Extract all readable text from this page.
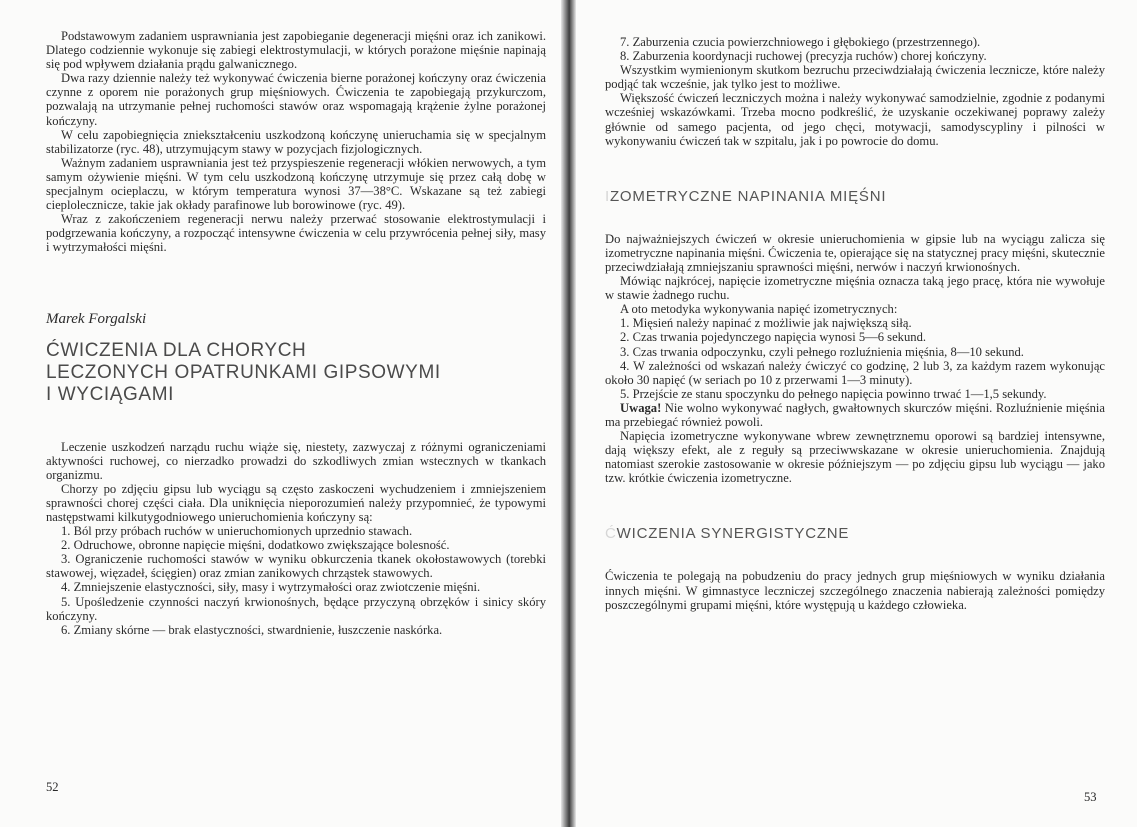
Podstawowym zadaniem usprawniania jest zapobieganie degeneracji mięśni oraz ich zanikowi. Dlatego codziennie wykonuje się zabiegi elektrostymulacji, w których porażone mięśnie napinają się pod wpływem działania prądu galwanicznego.

Dwa razy dziennie należy też wykonywać ćwiczenia bierne porażonej kończyny oraz ćwiczenia czynne z oporem nie porażonych grup mięśniowych. Ćwiczenia te zapobiegają przykurczom, pozwalają na utrzymanie pełnej ruchomości stawów oraz wspomagają krążenie żylne porażonej kończyny.

W celu zapobiegnięcia zniekształceniu uszkodzoną kończynę unieruchamia się w specjalnym stabilizatorze (ryc. 48), utrzymującym stawy w pozycjach fizjologicznych.

Ważnym zadaniem usprawniania jest też przyspieszenie regeneracji włókien nerwowych, a tym samym ożywienie mięśni. W tym celu uszkodzoną kończynę utrzymuje się przez całą dobę w specjalnym ocieplaczu, w którym temperatura wynosi 37—38°C. Wskazane są też zabiegi cieplolecznicze, takie jak okłady parafinowe lub borowinowe (ryc. 49).

Wraz z zakończeniem regeneracji nerwu należy przerwać stosowanie elektrostymulacji i podgrzewania kończyny, a rozpocząć intensywne ćwiczenia w celu przywrócenia pełnej siły, masy i wytrzymałości mięśni.

Marek Forgalski
ĆWICZENIA DLA CHORYCH
LECZONYCH OPATRUNKAMI GIPSOWYMI
I WYCIĄGAMI

Leczenie uszkodzeń narządu ruchu wiąże się, niestety, zazwyczaj z różnymi ograniczeniami aktywności ruchowej, co nierzadko prowadzi do szkodliwych zmian wstecznych w tkankach organizmu.

Chorzy po zdjęciu gipsu lub wyciągu są często zaskoczeni wychudzeniem i zmniejszeniem sprawności chorej części ciała. Dla uniknięcia nieporozumień należy przypomnieć, że typowymi następstwami kilkutygodniowego unieruchomienia kończyny są:

1. Ból przy próbach ruchów w unieruchomionych uprzednio stawach.

2. Odruchowe, obronne napięcie mięśni, dodatkowo zwiększające bolesność.

3. Ograniczenie ruchomości stawów w wyniku obkurczenia tkanek okołostawowych (torebki stawowej, więzadeł, ścięgien) oraz zmian zanikowych chrząstek stawowych.

4. Zmniejszenie elastyczności, siły, masy i wytrzymałości oraz zwiotczenie mięśni.

5. Upośledzenie czynności naczyń krwionośnych, będące przyczyną obrzęków i sinicy skóry kończyny.

6. Zmiany skórne — brak elastyczności, stwardnienie, łuszczenie naskórka.

52

7. Zaburzenia czucia powierzchniowego i głębokiego (przestrzennego).

8. Zaburzenia koordynacji ruchowej (precyzja ruchów) chorej kończyny.

Wszystkim wymienionym skutkom bezruchu przeciwdziałają ćwiczenia lecznicze, które należy podjąć tak wcześnie, jak tylko jest to możliwe.

Większość ćwiczeń leczniczych można i należy wykonywać samodzielnie, zgodnie z podanymi wcześniej wskazówkami. Trzeba mocno podkreślić, że uzyskanie oczekiwanej poprawy zależy głównie od samego pacjenta, od jego chęci, motywacji, samodyscypliny i pilności w wykonywaniu ćwiczeń tak w szpitalu, jak i po powrocie do domu.

IZOMETRYCZNE NAPINANIA MIĘŚNI

Do najważniejszych ćwiczeń w okresie unieruchomienia w gipsie lub na wyciągu zalicza się izometryczne napinania mięśni. Ćwiczenia te, opierające się na statycznej pracy mięśni, skutecznie przeciwdziałają zmniejszaniu sprawności mięśni, nerwów i naczyń krwionośnych.

Mówiąc najkrócej, napięcie izometryczne mięśnia oznacza taką jego pracę, która nie wywołuje w stawie żadnego ruchu.

A oto metodyka wykonywania napięć izometrycznych:

1. Mięsień należy napinać z możliwie jak największą siłą.

2. Czas trwania pojedynczego napięcia wynosi 5—6 sekund.

3. Czas trwania odpoczynku, czyli pełnego rozluźnienia mięśnia, 8—10 sekund.

4. W zależności od wskazań należy ćwiczyć co godzinę, 2 lub 3, za każdym razem wykonując około 30 napięć (w seriach po 10 z przerwami 1—3 minuty).

5. Przejście ze stanu spoczynku do pełnego napięcia powinno trwać 1—1,5 sekundy.

Uwaga! Nie wolno wykonywać nagłych, gwałtownych skurczów mięśni. Rozluźnienie mięśnia ma przebiegać również powoli.

Napięcia izometryczne wykonywane wbrew zewnętrznemu oporowi są bardziej intensywne, dają większy efekt, ale z reguły są przeciwwskazane w okresie unieruchomienia. Znajdują natomiast szerokie zastosowanie w okresie późniejszym — po zdjęciu gipsu lub wyciągu — jako tzw. krótkie ćwiczenia izometryczne.

ĆWICZENIA SYNERGISTYCZNE

Ćwiczenia te polegają na pobudzeniu do pracy jednych grup mięśniowych w wyniku działania innych mięśni. W gimnastyce leczniczej szczególnego znaczenia nabierają zależności pomiędzy poszczególnymi grupami mięśni, które występują u każdego człowieka.

53
